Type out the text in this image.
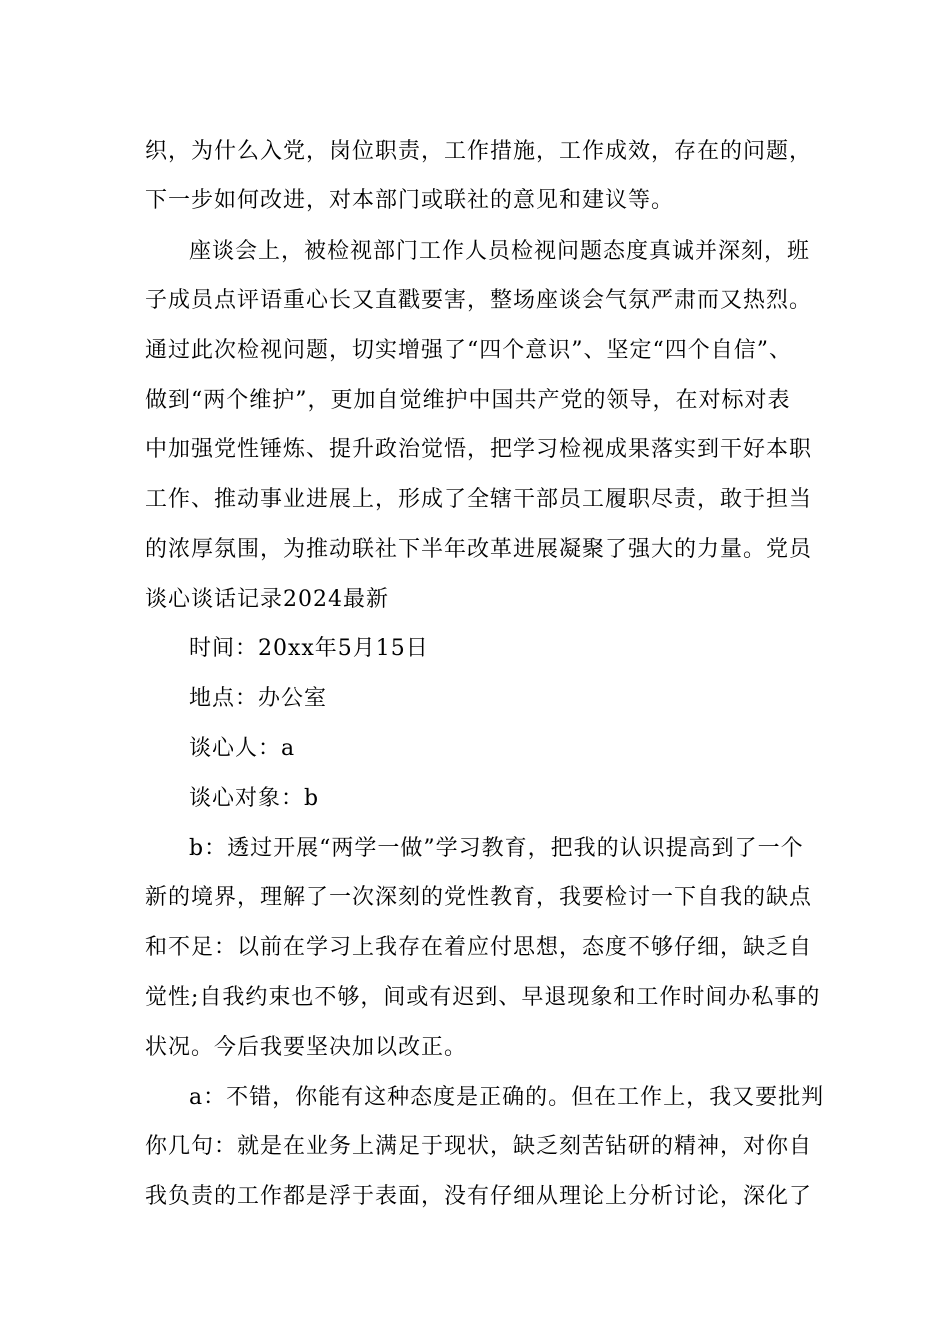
织，为什么入党，岗位职责，工作措施，工作成效，存在的问题，
下一步如何改进，对本部门或联社的意见和建议等。
座谈会上，被检视部门工作人员检视问题态度真诚并深刻，班
子成员点评语重心长又直戳要害，整场座谈会气氛严肃而又热烈。
通过此次检视问题，切实增强了“四个意识”、坚定“四个自信”、
做到“两个维护”，更加自觉维护中国共产党的领导，在对标对表
中加强党性锤炼、提升政治觉悟，把学习检视成果落实到干好本职
工作、推动事业进展上，形成了全辖干部员工履职尽责，敢于担当
的浓厚氛围，为推动联社下半年改革进展凝聚了强大的力量。党员
谈心谈话记录2024最新
时间：20xx年5月15日
地点：办公室
谈心人：a
谈心对象：b
b：透过开展“两学一做”学习教育，把我的认识提高到了一个
新的境界，理解了一次深刻的党性教育，我要检讨一下自我的缺点
和不足：以前在学习上我存在着应付思想，态度不够仔细，缺乏自
觉性;自我约束也不够，间或有迟到、早退现象和工作时间办私事的
状况。今后我要坚决加以改正。
a：不错，你能有这种态度是正确的。但在工作上，我又要批判
你几句：就是在业务上满足于现状，缺乏刻苦钻研的精神，对你自
我负责的工作都是浮于表面，没有仔细从理论上分析讨论，深化了
